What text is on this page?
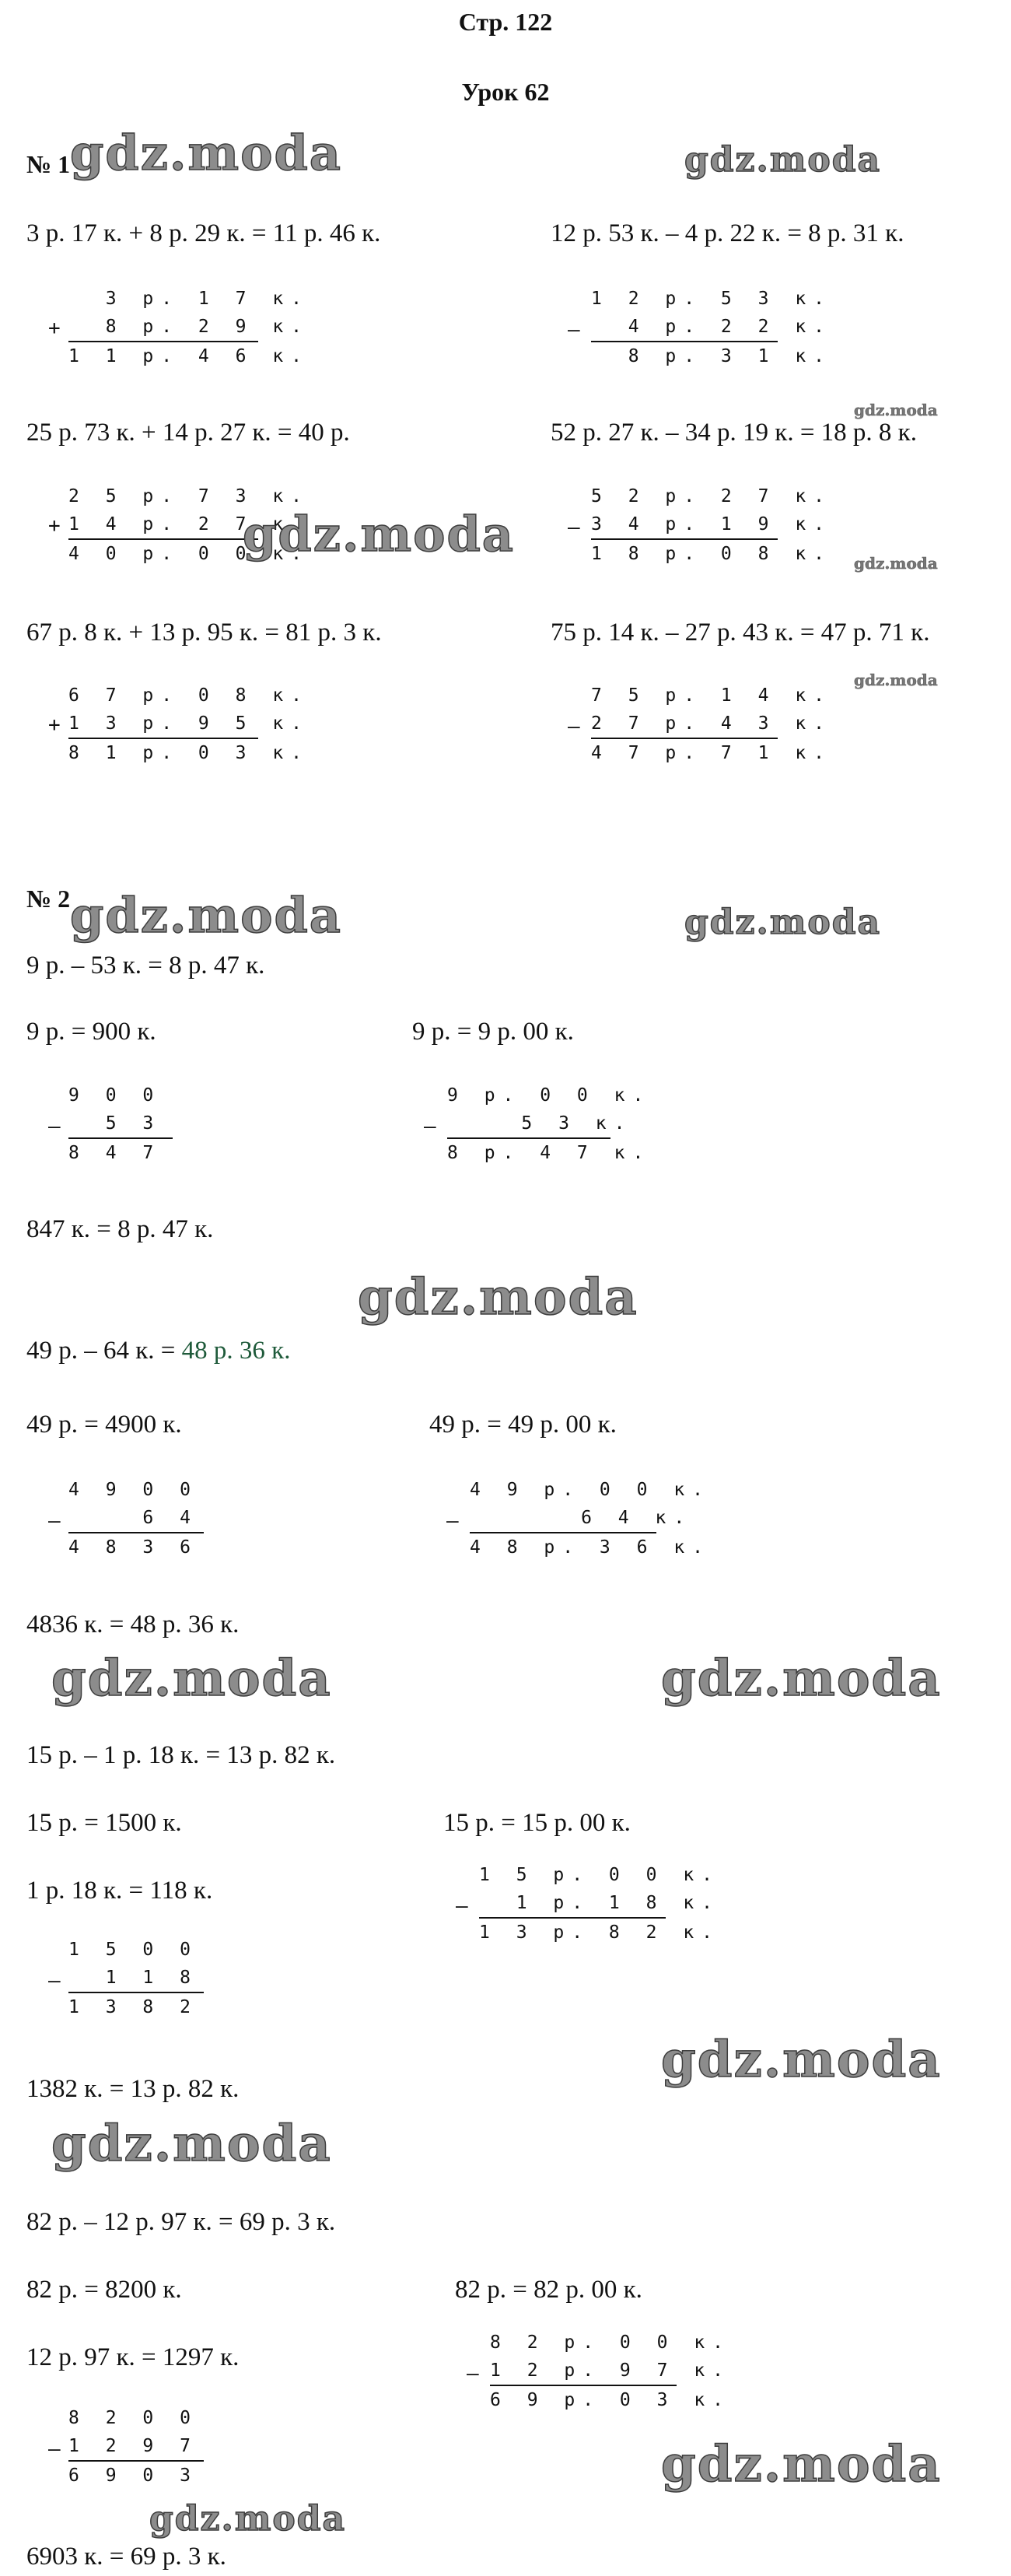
Стр. 122
Урок 62
№ 1
3 р. 17 к. + 8 р. 29 к. = 11 р. 46 к.
+
3 р. 1 7 к.
8 р. 2 9 к.
1 1 р. 4 6 к.
12 р. 53 к. – 4 р. 22 к. = 8 р. 31 к.
–
1 2 р. 5 3 к.
4 р. 2 2 к.
8 р. 3 1 к.
25 р. 73 к. + 14 р. 27 к. = 40 р.
+
2 5 р. 7 3 к.
1 4 р. 2 7 к.
4 0 р. 0 0 к.
52 р. 27 к. – 34 р. 19 к. = 18 р. 8 к.
–
5 2 р. 2 7 к.
3 4 р. 1 9 к.
1 8 р. 0 8 к.
67 р. 8 к. + 13 р. 95 к. = 81 р. 3 к.
+
6 7 р. 0 8 к.
1 3 р. 9 5 к.
8 1 р. 0 3 к.
75 р. 14 к. – 27 р. 43 к. = 47 р. 71 к.
–
7 5 р. 1 4 к.
2 7 р. 4 3 к.
4 7 р. 7 1 к.
№ 2
9 р. – 53 к. = 8 р. 47 к.
9 р. = 900 к.	9 р. = 9 р. 00 к.
–
9 0 0
5 3
8 4 7
–
9 р. 0 0 к.
5 3 к.
8 р. 4 7 к.
847 к. = 8 р. 47 к.
49 р. – 64 к. = 48 р. 36 к.
49 р. = 4900 к.	49 р. = 49 р. 00 к.
–
4 9 0 0
6 4
4 8 3 6
–
4 9 р. 0 0 к.
6 4 к.
4 8 р. 3 6 к.
4836 к. = 48 р. 36 к.
15 р. – 1 р. 18 к. = 13 р. 82 к.
15 р. = 1500 к.	15 р. = 15 р. 00 к.
1 р. 18 к. = 118 к.
–
1 5 р. 0 0 к.
1 р. 1 8 к.
1 3 р. 8 2 к.
–
1 5 0 0
1 1 8
1 3 8 2
1382 к. = 13 р. 82 к.
82 р. – 12 р. 97 к. = 69 р. 3 к.
82 р. = 8200 к.	82 р. = 82 р. 00 к.
12 р. 97 к. = 1297 к.
–
8 2 р. 0 0 к.
1 2 р. 9 7 к.
6 9 р. 0 3 к.
–
8 2 0 0
1 2 9 7
6 9 0 3
6903 к. = 69 р. 3 к.
gdz.moda	gdz.moda
gdz.moda
gdz.moda
gdz.moda
gdz.moda
gdz.moda	gdz.moda
gdz.moda
gdz.moda	gdz.moda
gdz.moda
gdz.moda
gdz.moda
gdz.moda
